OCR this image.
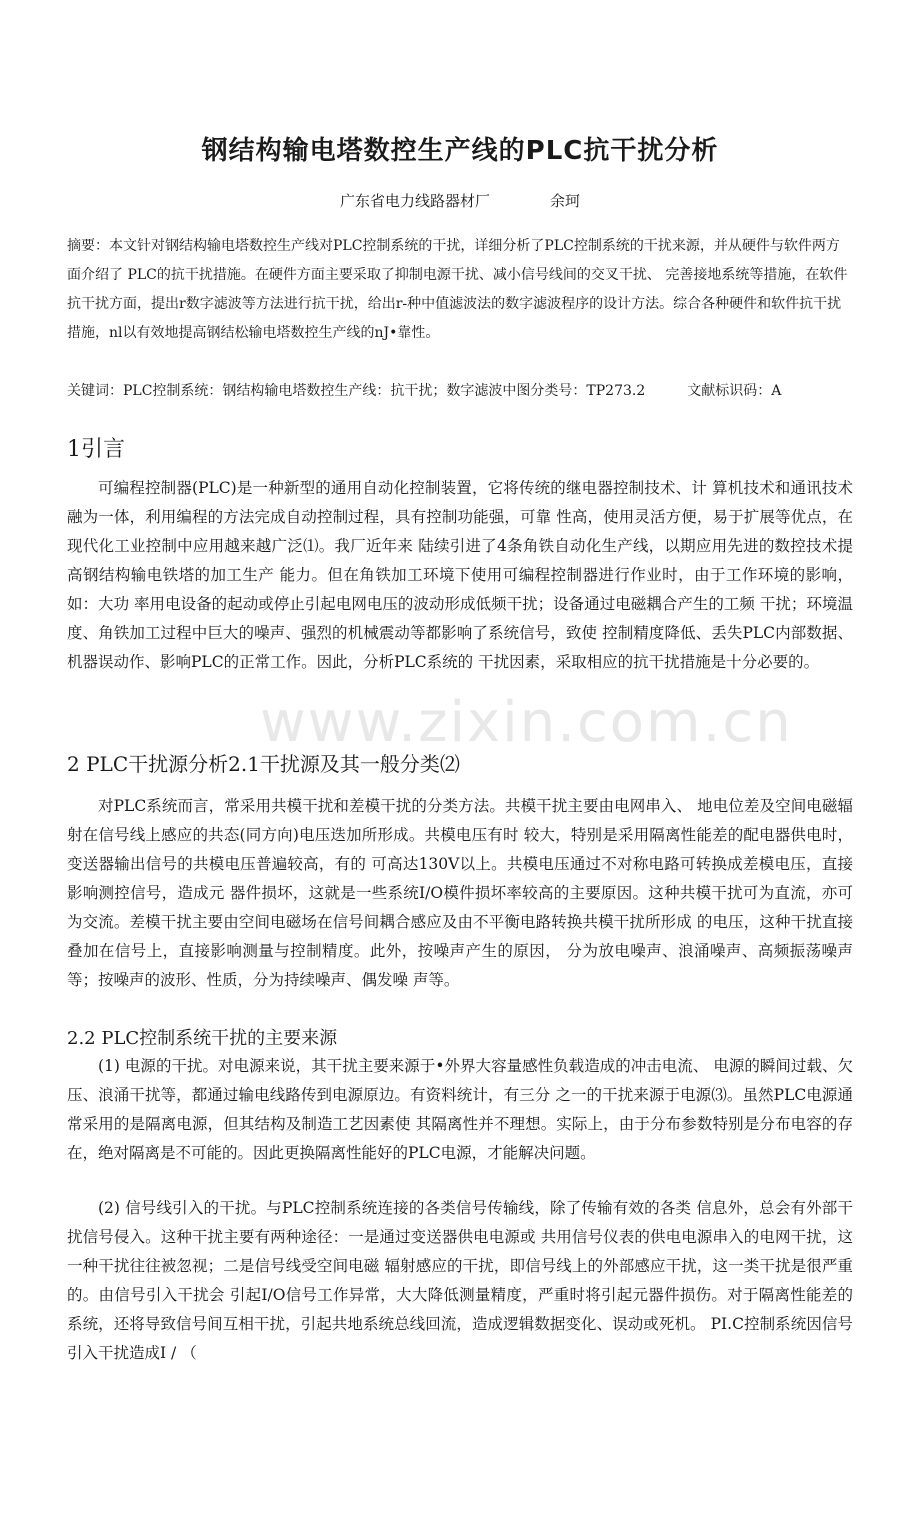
www.zixin.com.cn
钢结构输电塔数控生产线的PLC抗干扰分析
广东省电力线路器材厂	余珂
摘要：本文针对钢结构输电塔数控生产线对PLC控制系统的干扰，详细分析了PLC控制系统的干扰来源，并从硬件与软件两方面介绍了 PLC的抗干扰措施。在硬件方面主要采取了抑制电源干扰、减小信号线间的交叉干扰、 完善接地系统等措施，在软件抗干扰方面，提出r数字滤波等方法进行抗干扰，给出r-种中值滤波法的数字滤波程序的设计方法。综合各种硬件和软件抗干扰措施，nl以有效地提高钢结松输电塔数控生产线的nJ•靠性。
关键词：PLC控制系统：钢结构输电塔数控生产线：抗干扰；数字滤波中图分类号：TP273.2　　　文献标识码：A
1引言
可编程控制器(PLC)是一种新型的通用自动化控制装置，它将传统的继电器控制技术、计 算机技术和通讯技术融为一体，利用编程的方法完成自动控制过程，具有控制功能强，可靠 性高，使用灵活方便，易于扩展等优点，在现代化工业控制中应用越来越广泛⑴。我厂近年来 陆续引进了4条角铁自动化生产线，以期应用先进的数控技术提高钢结构输电铁塔的加工生产 能力。但在角铁加工环境下使用可编程控制器进行作业时，由于工作环境的影响，如：大功 率用电设备的起动或停止引起电网电压的波动形成低频干扰；设备通过电磁耦合产生的工频 干扰；环境温度、角铁加工过程中巨大的噪声、强烈的机械震动等都影响了系统信号，致使 控制精度降低、丢失PLC内部数据、机器误动作、影响PLC的正常工作。因此，分析PLC系统的 干扰因素，采取相应的抗干扰措施是十分必要的。
2 PLC干扰源分析2.1干扰源及其一般分类⑵
对PLC系统而言，常采用共模干扰和差模干扰的分类方法。共模干扰主要由电网串入、 地电位差及空间电磁辐射在信号线上感应的共态(同方向)电压迭加所形成。共模电压有时 较大，特别是采用隔离性能差的配电器供电时，变送器输出信号的共模电压普遍较高，有的 可高达130V以上。共模电压通过不对称电路可转换成差模电压，直接影响测控信号，造成元 器件损坏，这就是一些系统I/O模件损坏率较高的主要原因。这种共模干扰可为直流，亦可 为交流。差模干扰主要由空间电磁场在信号间耦合感应及由不平衡电路转换共模干扰所形成 的电压，这种干扰直接叠加在信号上，直接影响测量与控制精度。此外，按噪声产生的原因， 分为放电噪声、浪涌噪声、高频振荡噪声等；按噪声的波形、性质，分为持续噪声、偶发噪 声等。
2.2 PLC控制系统干扰的主要来源
(1) 电源的干扰。对电源来说，其干扰主要来源于•外界大容量感性负载造成的冲击电流、 电源的瞬间过载、欠压、浪涌干扰等，都通过输电线路传到电源原边。有资料统计，有三分 之一的干扰来源于电源⑶。虽然PLC电源通常采用的是隔离电源，但其结构及制造工艺因素使 其隔离性并不理想。实际上，由于分布参数特别是分布电容的存在，绝对隔离是不可能的。因此更换隔离性能好的PLC电源，才能解决问题。
(2) 信号线引入的干扰。与PLC控制系统连接的各类信号传输线，除了传输有效的各类 信息外，总会有外部干扰信号侵入。这种干扰主要有两种途径：一是通过变送器供电电源或 共用信号仪表的供电电源串入的电网干扰，这一种干扰往往被忽视；二是信号线受空间电磁 辐射感应的干扰，即信号线上的外部感应干扰，这一类干扰是很严重的。由信号引入干扰会 引起I/O信号工作异常，大大降低测量精度，严重时将引起元器件损伤。对于隔离性能差的 系统，还将导致信号间互相干扰，引起共地系统总线回流，造成逻辑数据变化、误动或死机。 PI.C控制系统因信号引入干扰造成I / （
